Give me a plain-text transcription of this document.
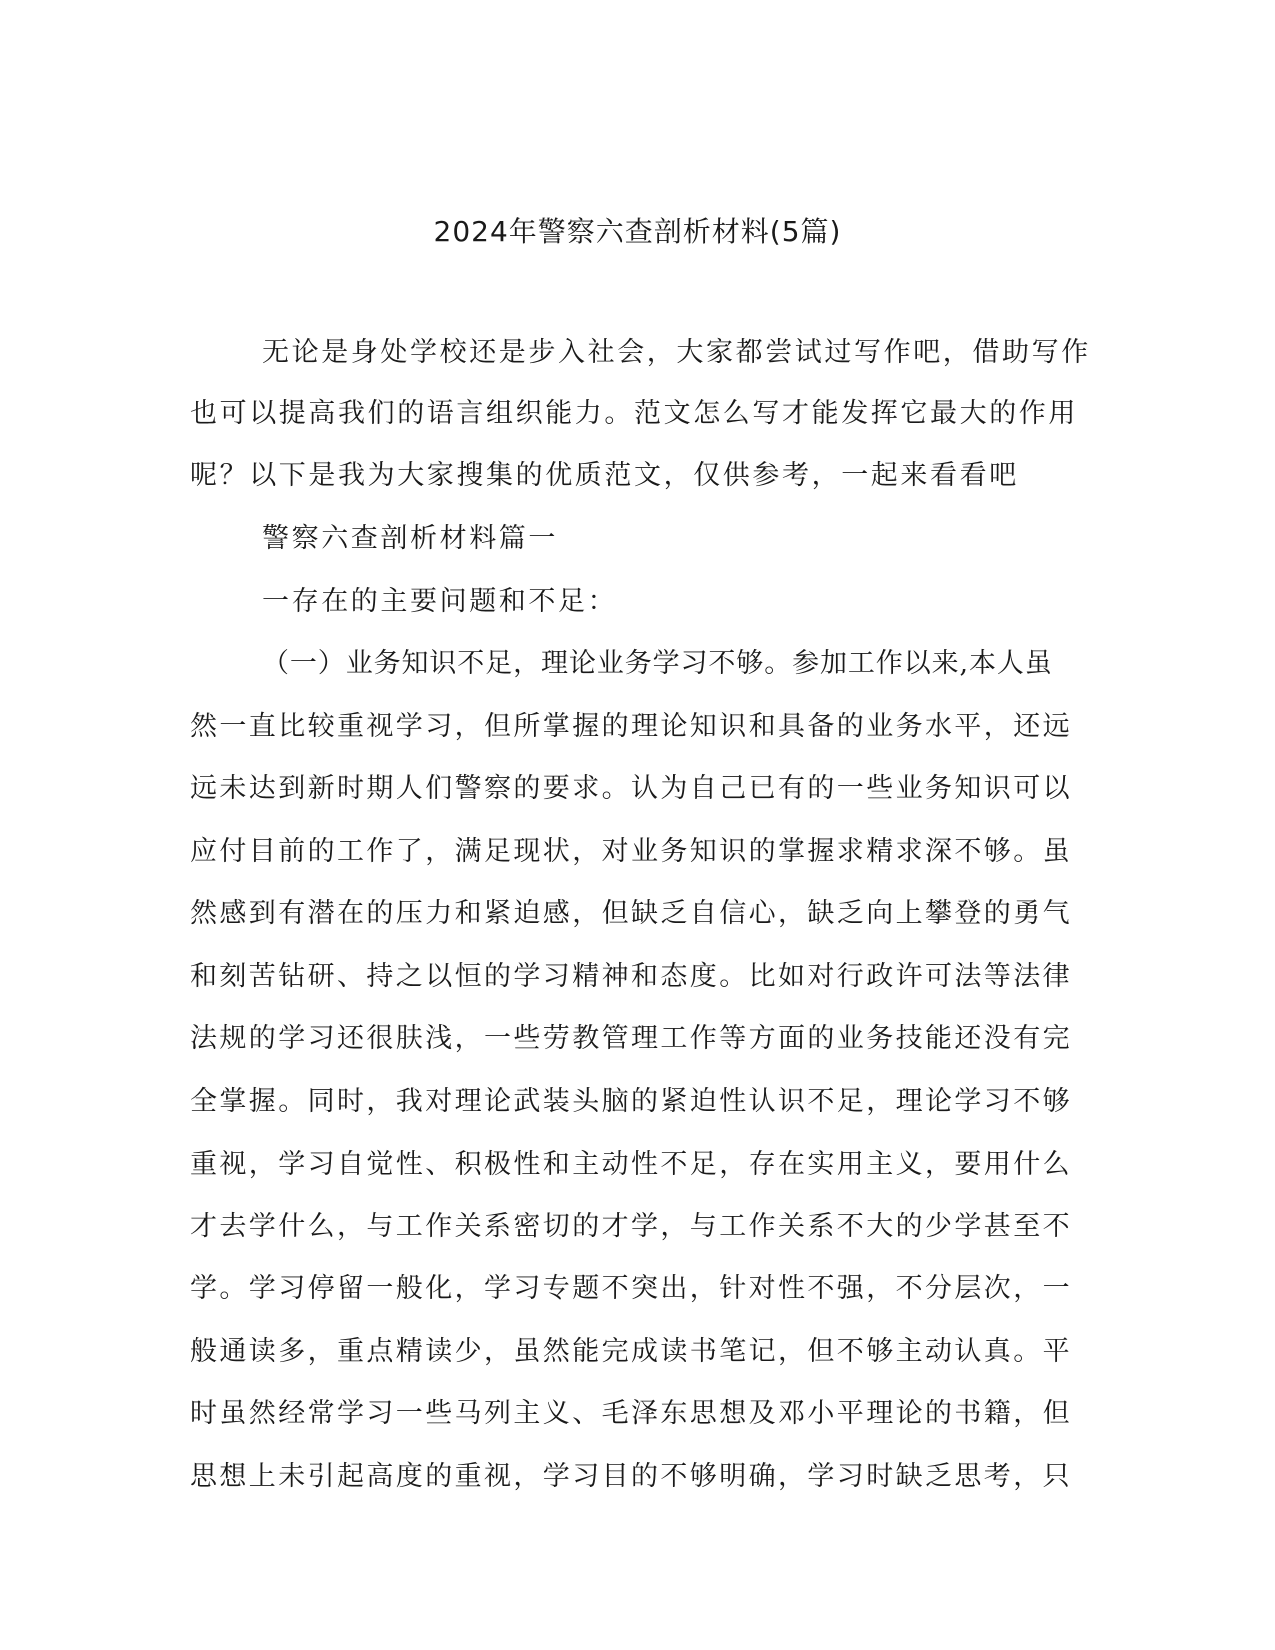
2024年警察六查剖析材料(5篇)

无论是身处学校还是步入社会，大家都尝试过写作吧，借助写作

也可以提高我们的语言组织能力。范文怎么写才能发挥它最大的作用

呢？以下是我为大家搜集的优质范文，仅供参考，一起来看看吧

警察六查剖析材料篇一

一存在的主要问题和不足：

（一）业务知识不足，理论业务学习不够。参加工作以来,本人虽

然一直比较重视学习，但所掌握的理论知识和具备的业务水平，还远

远未达到新时期人们警察的要求。认为自己已有的一些业务知识可以

应付目前的工作了，满足现状，对业务知识的掌握求精求深不够。虽

然感到有潜在的压力和紧迫感，但缺乏自信心，缺乏向上攀登的勇气

和刻苦钻研、持之以恒的学习精神和态度。比如对行政许可法等法律

法规的学习还很肤浅，一些劳教管理工作等方面的业务技能还没有完

全掌握。同时，我对理论武装头脑的紧迫性认识不足，理论学习不够

重视，学习自觉性、积极性和主动性不足，存在实用主义，要用什么

才去学什么，与工作关系密切的才学，与工作关系不大的少学甚至不

学。学习停留一般化，学习专题不突出，针对性不强，不分层次，一

般通读多，重点精读少，虽然能完成读书笔记，但不够主动认真。平

时虽然经常学习一些马列主义、毛泽东思想及邓小平理论的书籍，但

思想上未引起高度的重视，学习目的不够明确，学习时缺乏思考，只
